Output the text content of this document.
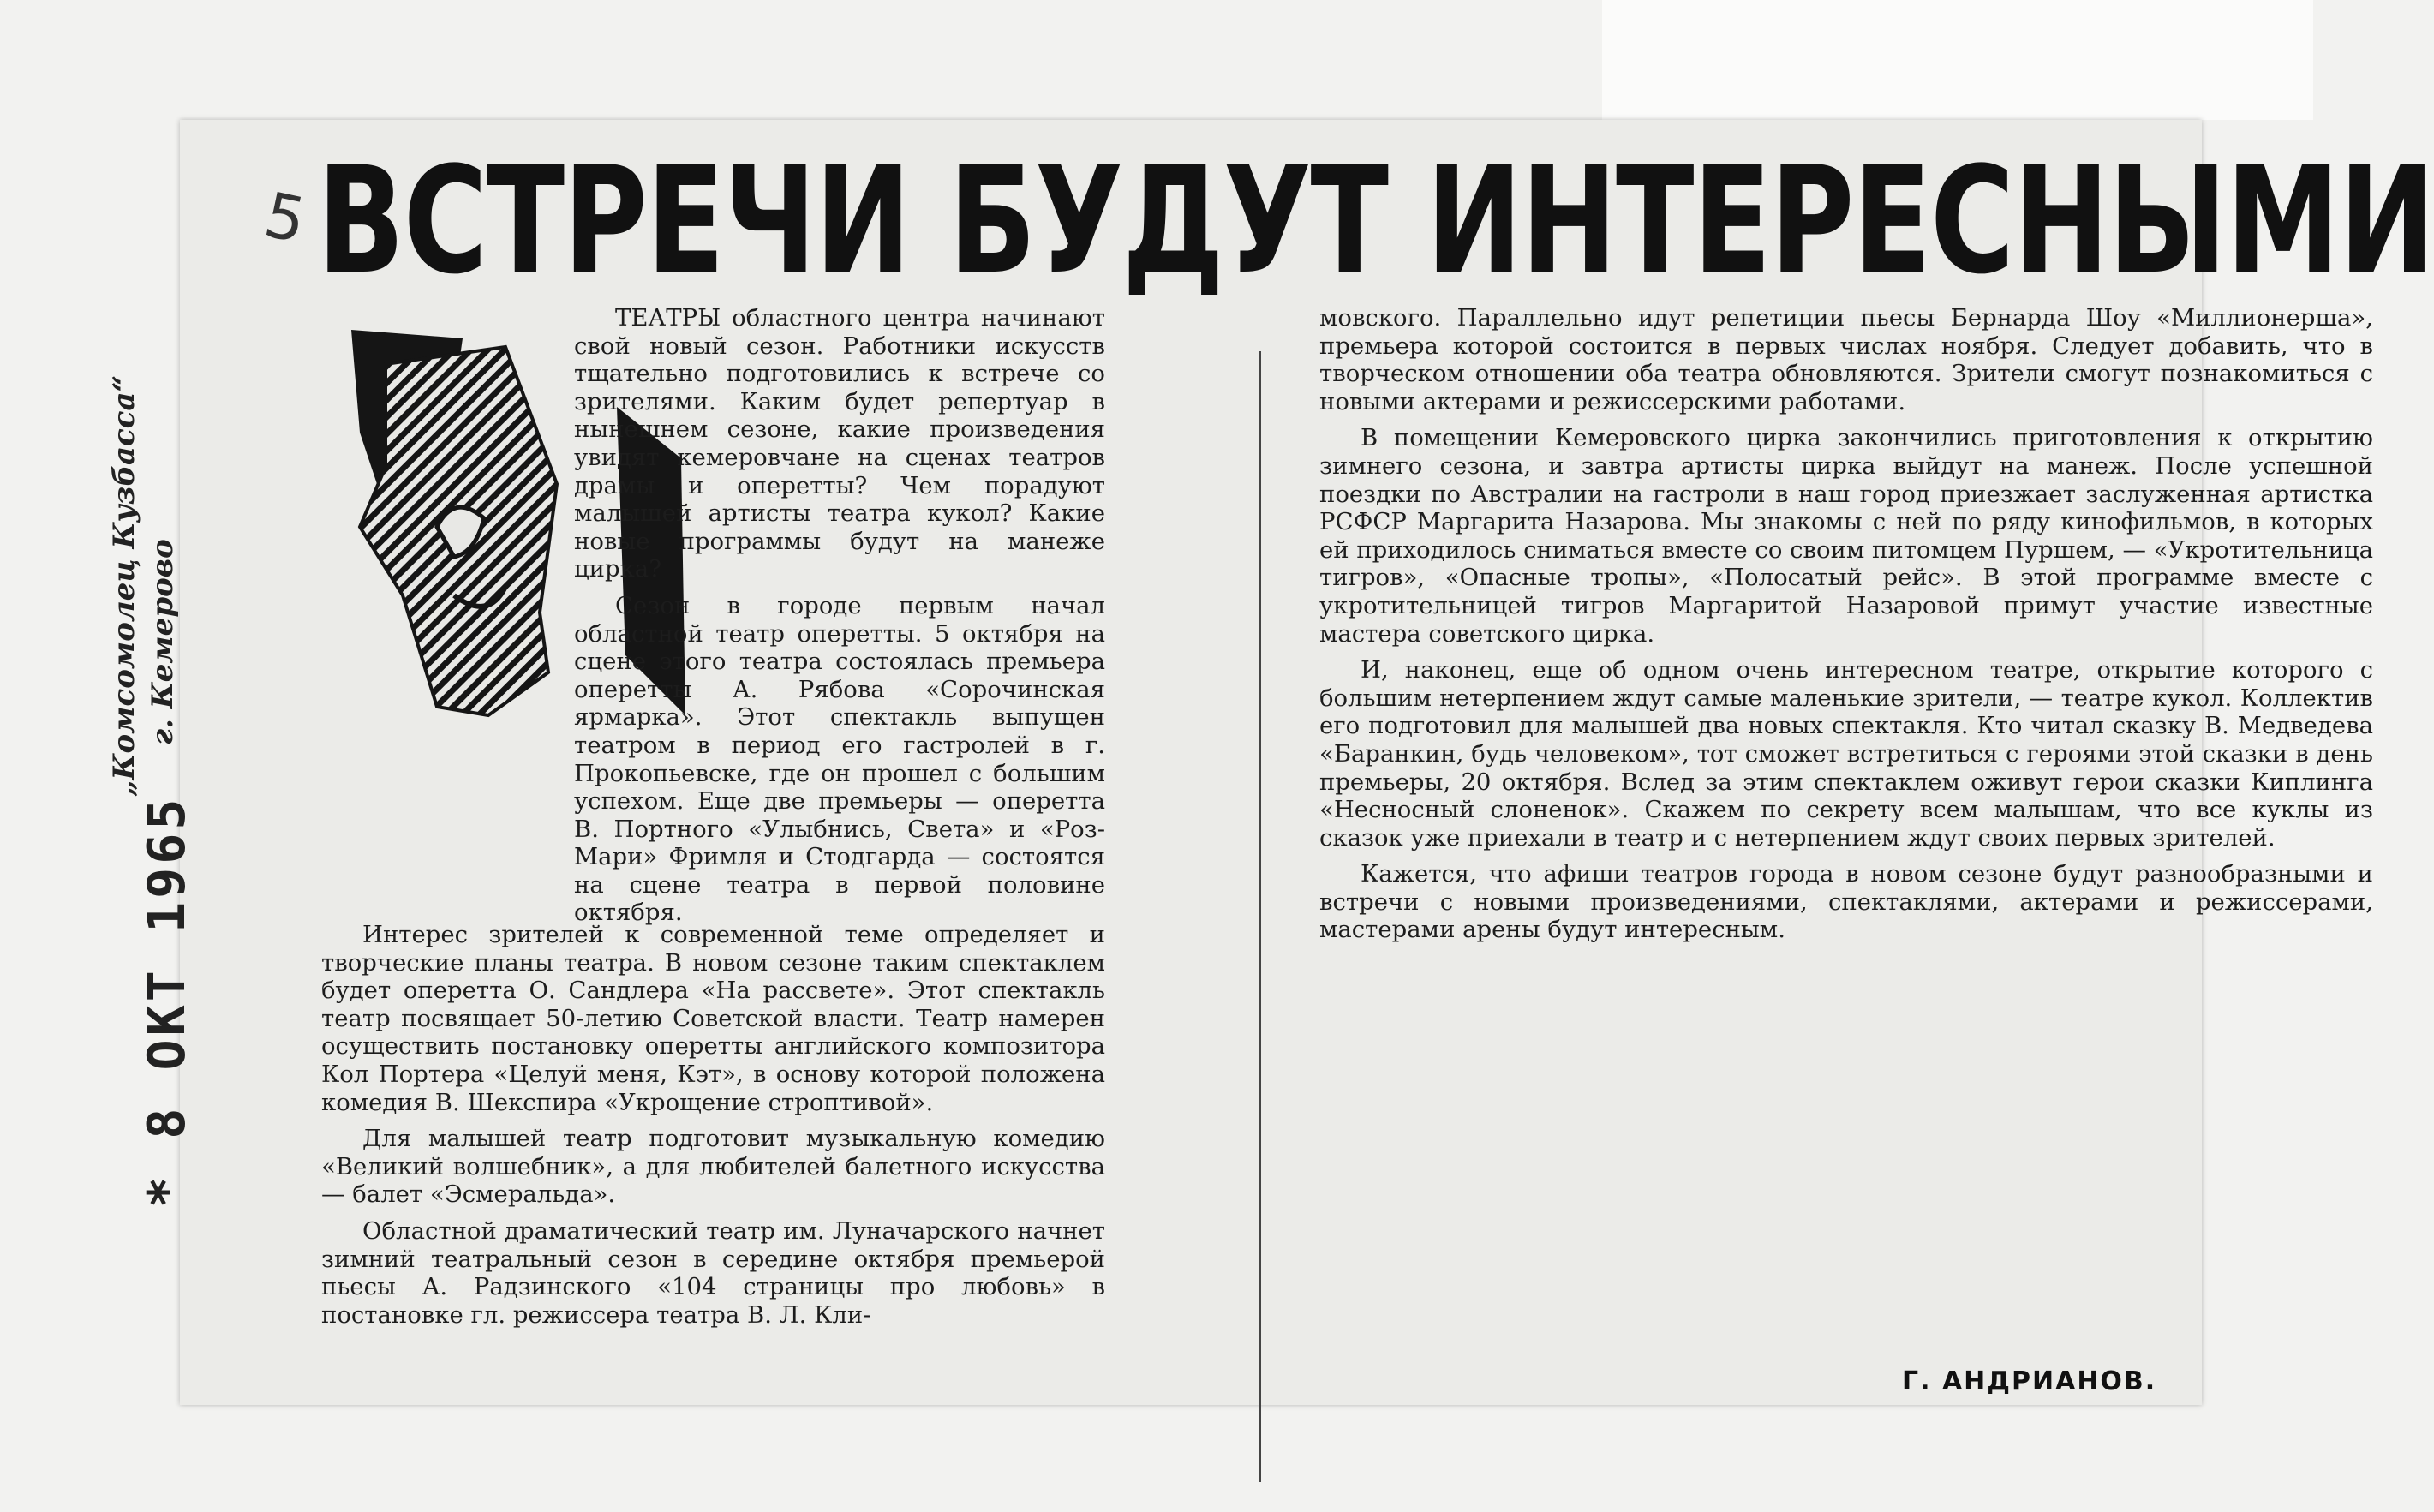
ВСТРЕЧИ БУДУТ ИНТЕРЕСНЫМИ
„Комсомолец Кузбасса“ г. Кемерово
5
* 8 ОКТ 1965

ТЕАТРЫ областного центра начинают свой новый сезон. Работники искусств тщательно подготовились к встрече со зрителями. Каким будет репертуар в нынешнем сезоне, какие произведения увидят кемеровчане на сценах театров драмы и оперетты? Чем порадуют малышей артисты театра кукол? Какие новые программы будут на манеже цирка?

Сезон в городе первым начал областной театр оперетты. 5 октября на сцене этого театра состоялась премьера оперетты А. Рябова «Сорочинская ярмарка». Этот спектакль выпущен театром в период его гастролей в г. Прокопьевске, где он прошел с большим успехом. Еще две премьеры — оперетта В. Портного «Улыбнись, Света» и «Роз-Мари» Фримля и Стодгарда — состоятся на сцене театра в первой половине октября.

Интерес зрителей к современной теме определяет и творческие планы театра. В новом сезоне таким спектаклем будет оперетта О. Сандлера «На рассвете». Этот спектакль театр посвящает 50-летию Советской власти. Театр намерен осуществить постановку оперетты английского композитора Кол Портера «Целуй меня, Кэт», в основу которой положена комедия В. Шекспира «Укрощение строптивой».

Для малышей театр подготовит музыкальную комедию «Великий волшебник», а для любителей балетного искусства — балет «Эсмеральда».

Областной драматический театр им. Луначарского начнет зимний театральный сезон в середине октября премьерой пьесы А. Радзинского «104 страницы про любовь» в постановке гл. режиссера театра В. Л. Кли-

мовского. Параллельно идут репетиции пьесы Бернарда Шоу «Миллионерша», премьера которой состоится в первых числах ноября. Следует добавить, что в творческом отношении оба театра обновляются. Зрители смогут познакомиться с новыми актерами и режиссерскими работами.

В помещении Кемеровского цирка закончились приготовления к открытию зимнего сезона, и завтра артисты цирка выйдут на манеж. После успешной поездки по Австралии на гастроли в наш город приезжает заслуженная артистка РСФСР Маргарита Назарова. Мы знакомы с ней по ряду кинофильмов, в которых ей приходилось сниматься вместе со своим питомцем Пуршем, — «Укротительница тигров», «Опасные тропы», «Полосатый рейс». В этой программе вместе с укротительницей тигров Маргаритой Назаровой примут участие известные мастера советского цирка.

И, наконец, еще об одном очень интересном театре, открытие которого с большим нетерпением ждут самые маленькие зрители, — театре кукол. Коллектив его подготовил для малышей два новых спектакля. Кто читал сказку В. Медведева «Баранкин, будь человеком», тот сможет встретиться с героями этой сказки в день премьеры, 20 октября. Вслед за этим спектаклем оживут герои сказки Киплинга «Несносный слоненок». Скажем по секрету всем малышам, что все куклы из сказок уже приехали в театр и с нетерпением ждут своих первых зрителей.

Кажется, что афиши театров города в новом сезоне будут разнообразными и встречи с новыми произведениями, спектаклями, актерами и режиссерами, мастерами арены будут интересным.

Г. АНДРИАНОВ.
